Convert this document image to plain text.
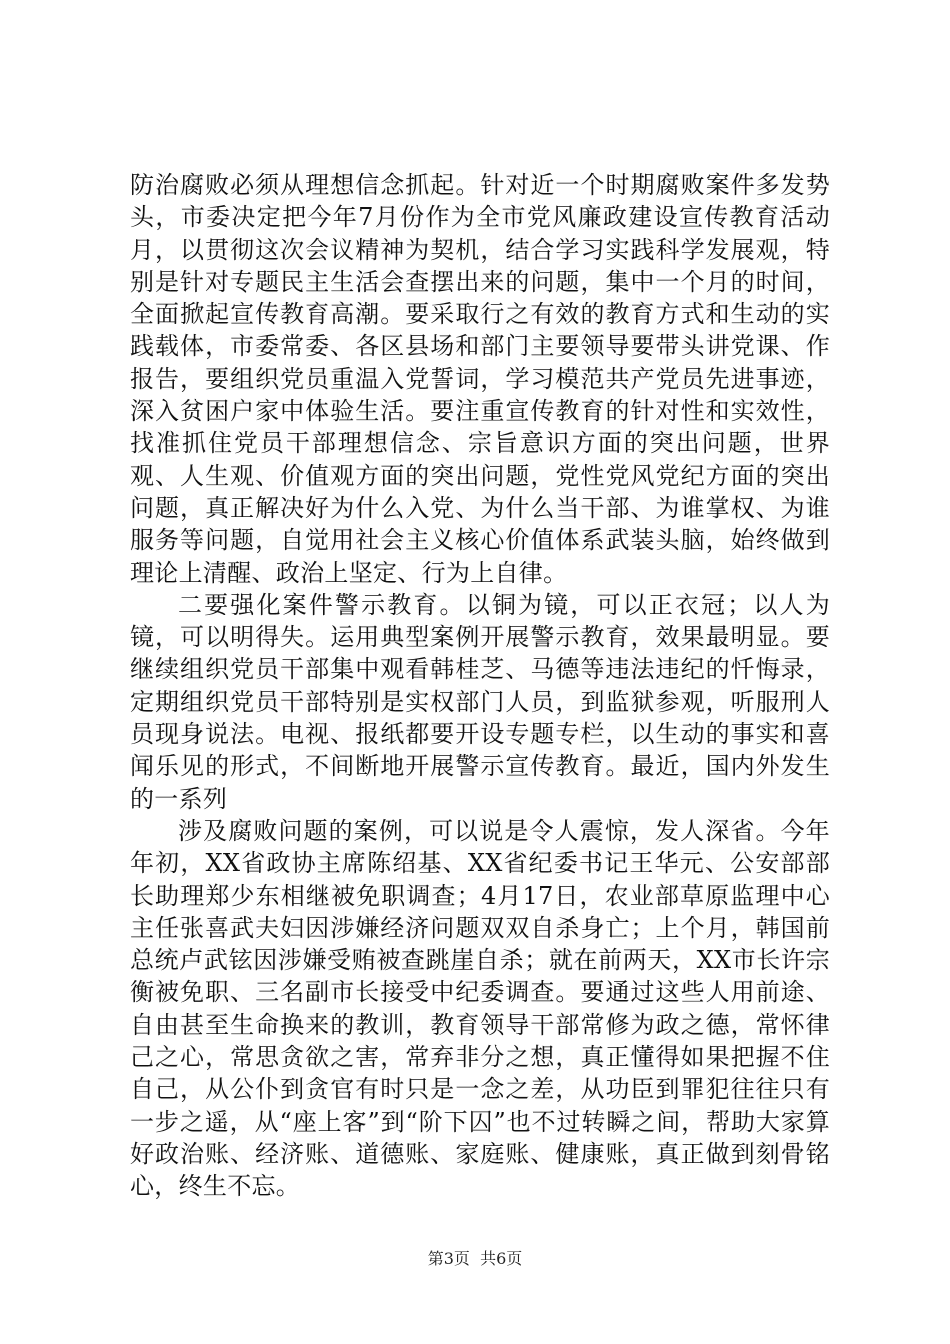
防治腐败必须从理想信念抓起。针对近一个时期腐败案件多发势头，市委决定把今年7月份作为全市党风廉政建设宣传教育活动月，以贯彻这次会议精神为契机，结合学习实践科学发展观，特别是针对专题民主生活会查摆出来的问题，集中一个月的时间，全面掀起宣传教育高潮。要采取行之有效的教育方式和生动的实践载体，市委常委、各区县场和部门主要领导要带头讲党课、作报告，要组织党员重温入党誓词，学习模范共产党员先进事迹，深入贫困户家中体验生活。要注重宣传教育的针对性和实效性，找准抓住党员干部理想信念、宗旨意识方面的突出问题，世界观、人生观、价值观方面的突出问题，党性党风党纪方面的突出问题，真正解决好为什么入党、为什么当干部、为谁掌权、为谁服务等问题，自觉用社会主义核心价值体系武装头脑，始终做到理论上清醒、政治上坚定、行为上自律。

二要强化案件警示教育。以铜为镜，可以正衣冠；以人为镜，可以明得失。运用典型案例开展警示教育，效果最明显。要继续组织党员干部集中观看韩桂芝、马德等违法违纪的忏悔录，定期组织党员干部特别是实权部门人员，到监狱参观，听服刑人员现身说法。电视、报纸都要开设专题专栏，以生动的事实和喜闻乐见的形式，不间断地开展警示宣传教育。最近，国内外发生的一系列

涉及腐败问题的案例，可以说是令人震惊，发人深省。今年年初，XX省政协主席陈绍基、XX省纪委书记王华元、公安部部长助理郑少东相继被免职调查；4月17日，农业部草原监理中心主任张喜武夫妇因涉嫌经济问题双双自杀身亡；上个月，韩国前总统卢武铉因涉嫌受贿被查跳崖自杀；就在前两天，XX市长许宗衡被免职、三名副市长接受中纪委调查。要通过这些人用前途、自由甚至生命换来的教训，教育领导干部常修为政之德，常怀律己之心，常思贪欲之害，常弃非分之想，真正懂得如果把握不住自己，从公仆到贪官有时只是一念之差，从功臣到罪犯往往只有一步之遥，从“座上客”到“阶下囚”也不过转瞬之间，帮助大家算好政治账、经济账、道德账、家庭账、健康账，真正做到刻骨铭心，终生不忘。

第3页  共6页
